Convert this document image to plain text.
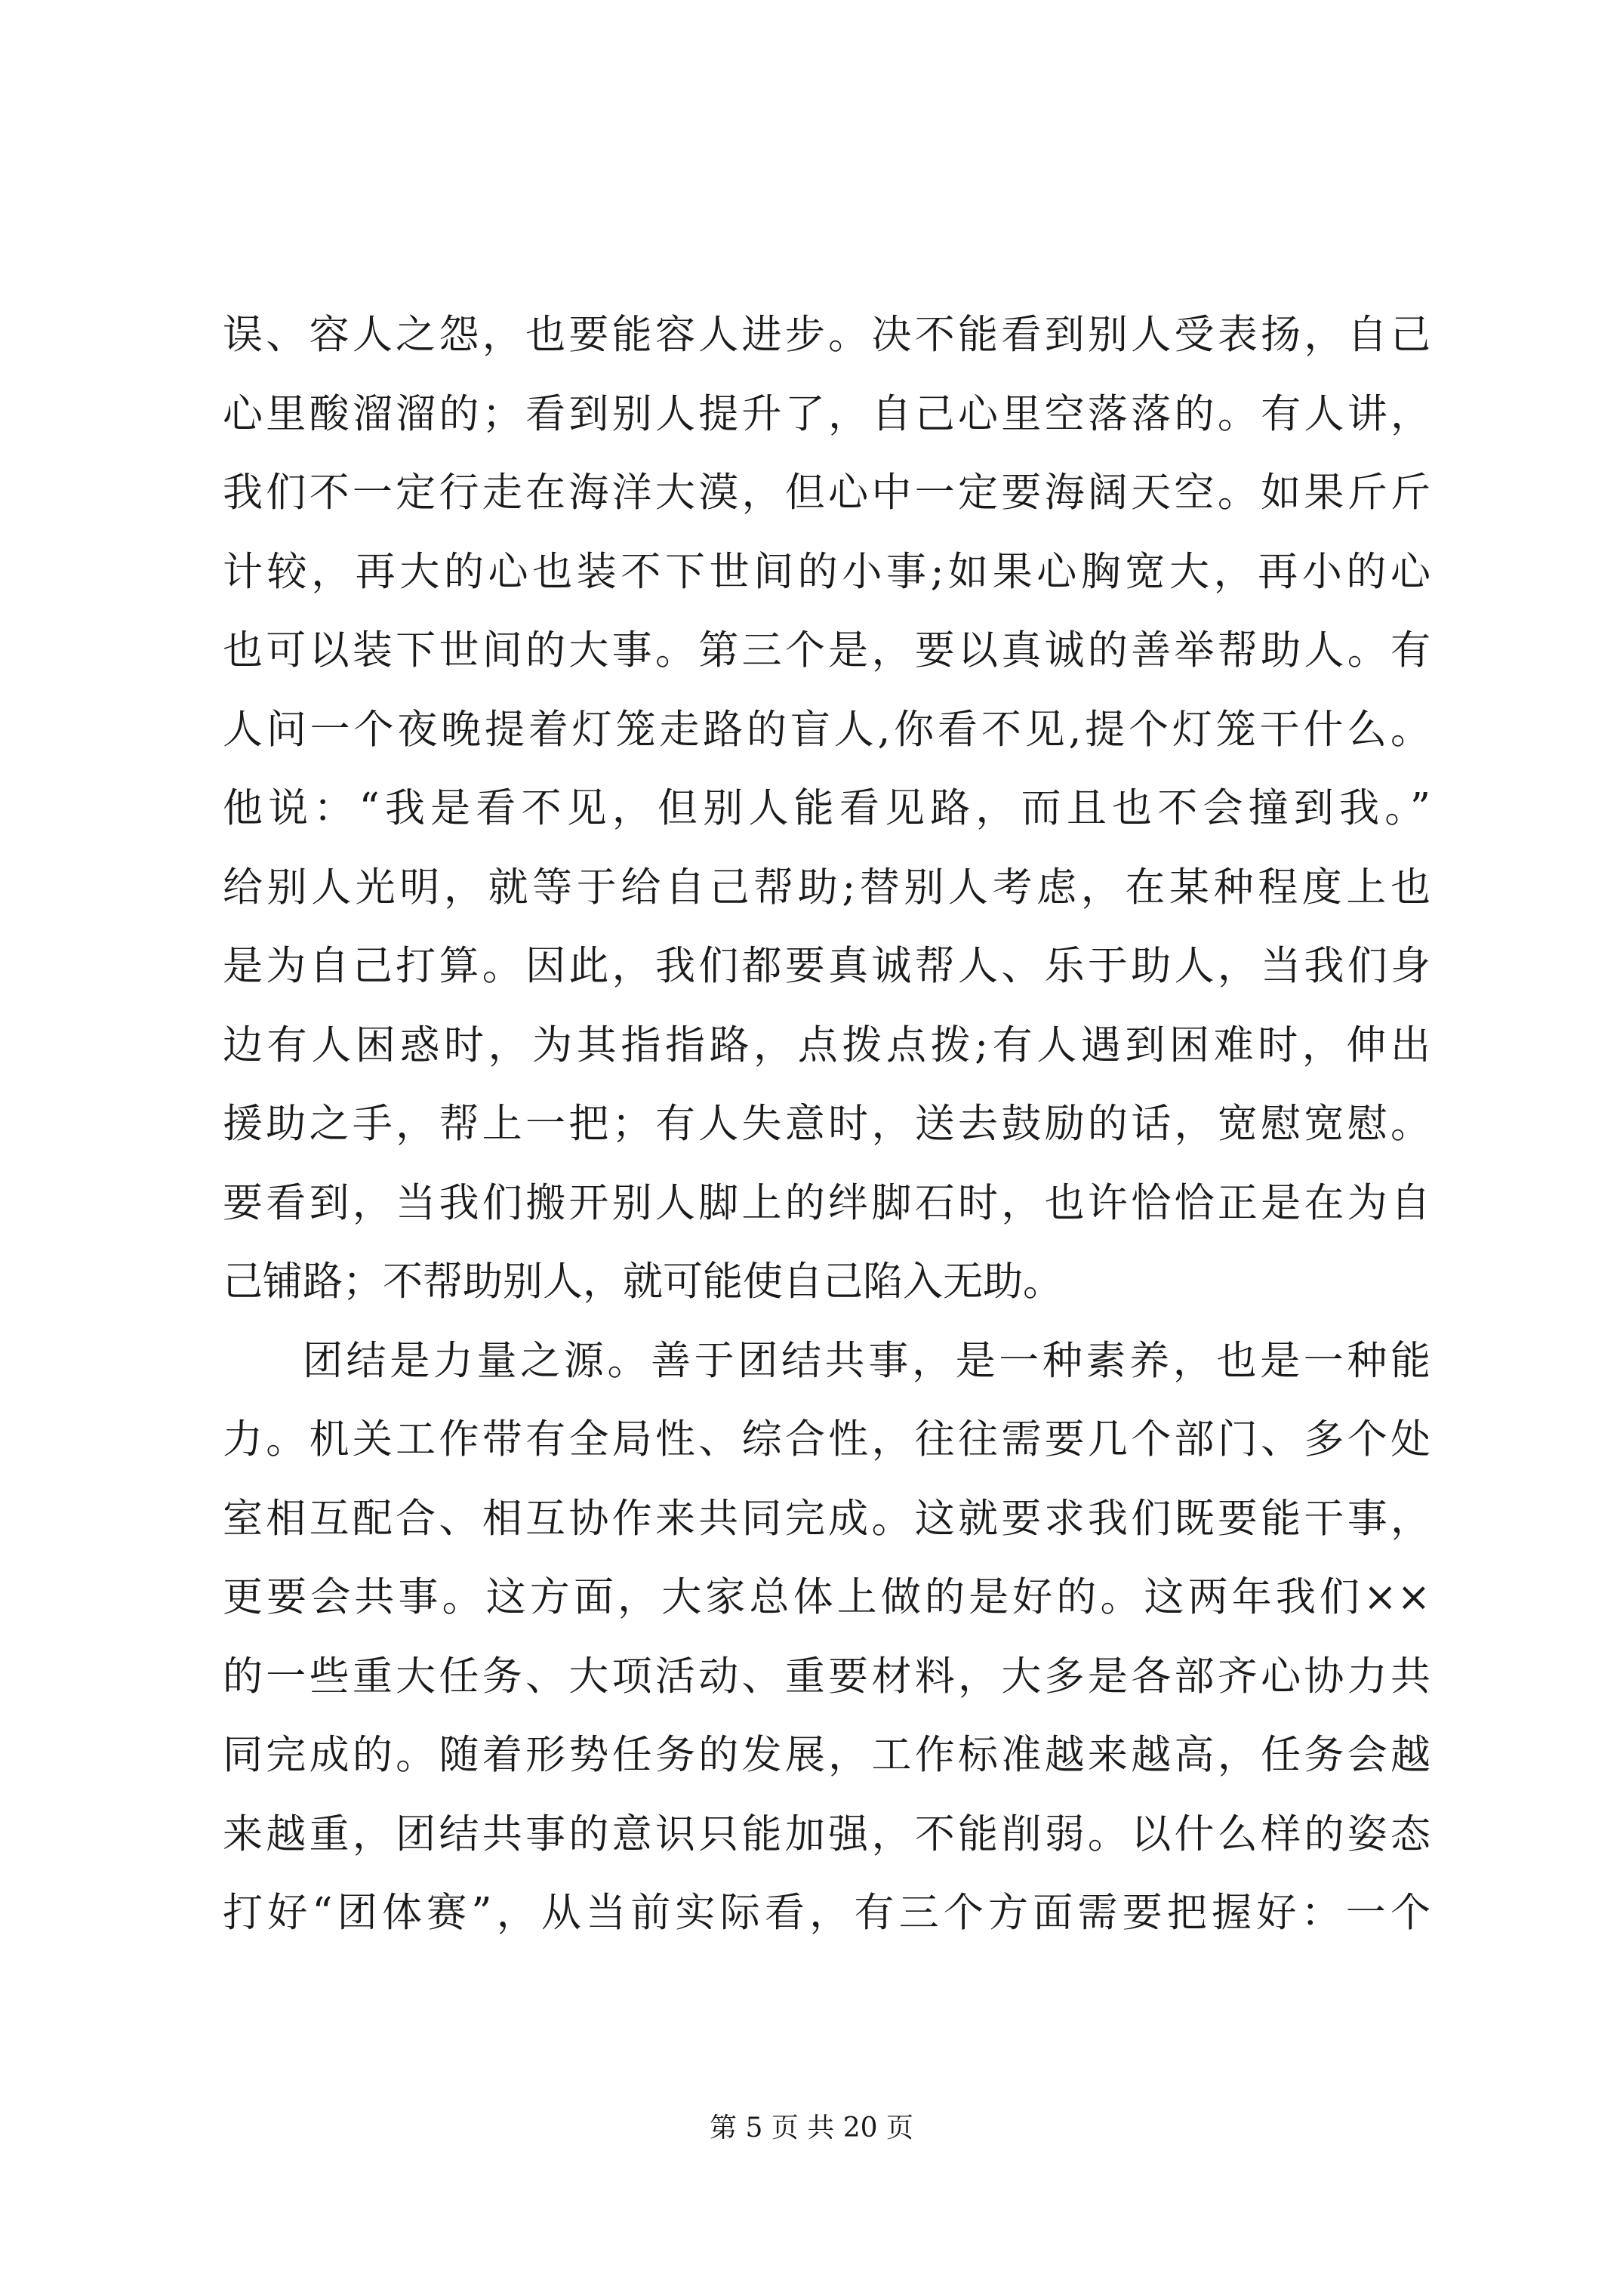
误、容人之怨，也要能容人进步。决不能看到别人受表扬，自己
心里酸溜溜的；看到别人提升了，自己心里空落落的。有人讲，
我们不一定行走在海洋大漠，但心中一定要海阔天空。如果斤斤
计较，再大的心也装不下世间的小事;如果心胸宽大，再小的心
也可以装下世间的大事。第三个是，要以真诚的善举帮助人。有
人问一个夜晚提着灯笼走路的盲人,你看不见,提个灯笼干什么。
他说：“我是看不见，但别人能看见路，而且也不会撞到我。”
给别人光明，就等于给自己帮助;替别人考虑，在某种程度上也
是为自己打算。因此，我们都要真诚帮人、乐于助人，当我们身
边有人困惑时，为其指指路，点拨点拨;有人遇到困难时，伸出
援助之手，帮上一把；有人失意时，送去鼓励的话，宽慰宽慰。
要看到，当我们搬开别人脚上的绊脚石时，也许恰恰正是在为自
己铺路；不帮助别人，就可能使自己陷入无助。
团结是力量之源。善于团结共事，是一种素养，也是一种能
力。机关工作带有全局性、综合性，往往需要几个部门、多个处
室相互配合、相互协作来共同完成。这就要求我们既要能干事，
更要会共事。这方面，大家总体上做的是好的。这两年我们××
的一些重大任务、大项活动、重要材料，大多是各部齐心协力共
同完成的。随着形势任务的发展，工作标准越来越高，任务会越
来越重，团结共事的意识只能加强，不能削弱。以什么样的姿态
打好“团体赛”，从当前实际看，有三个方面需要把握好：一个
第 5 页 共 20 页
